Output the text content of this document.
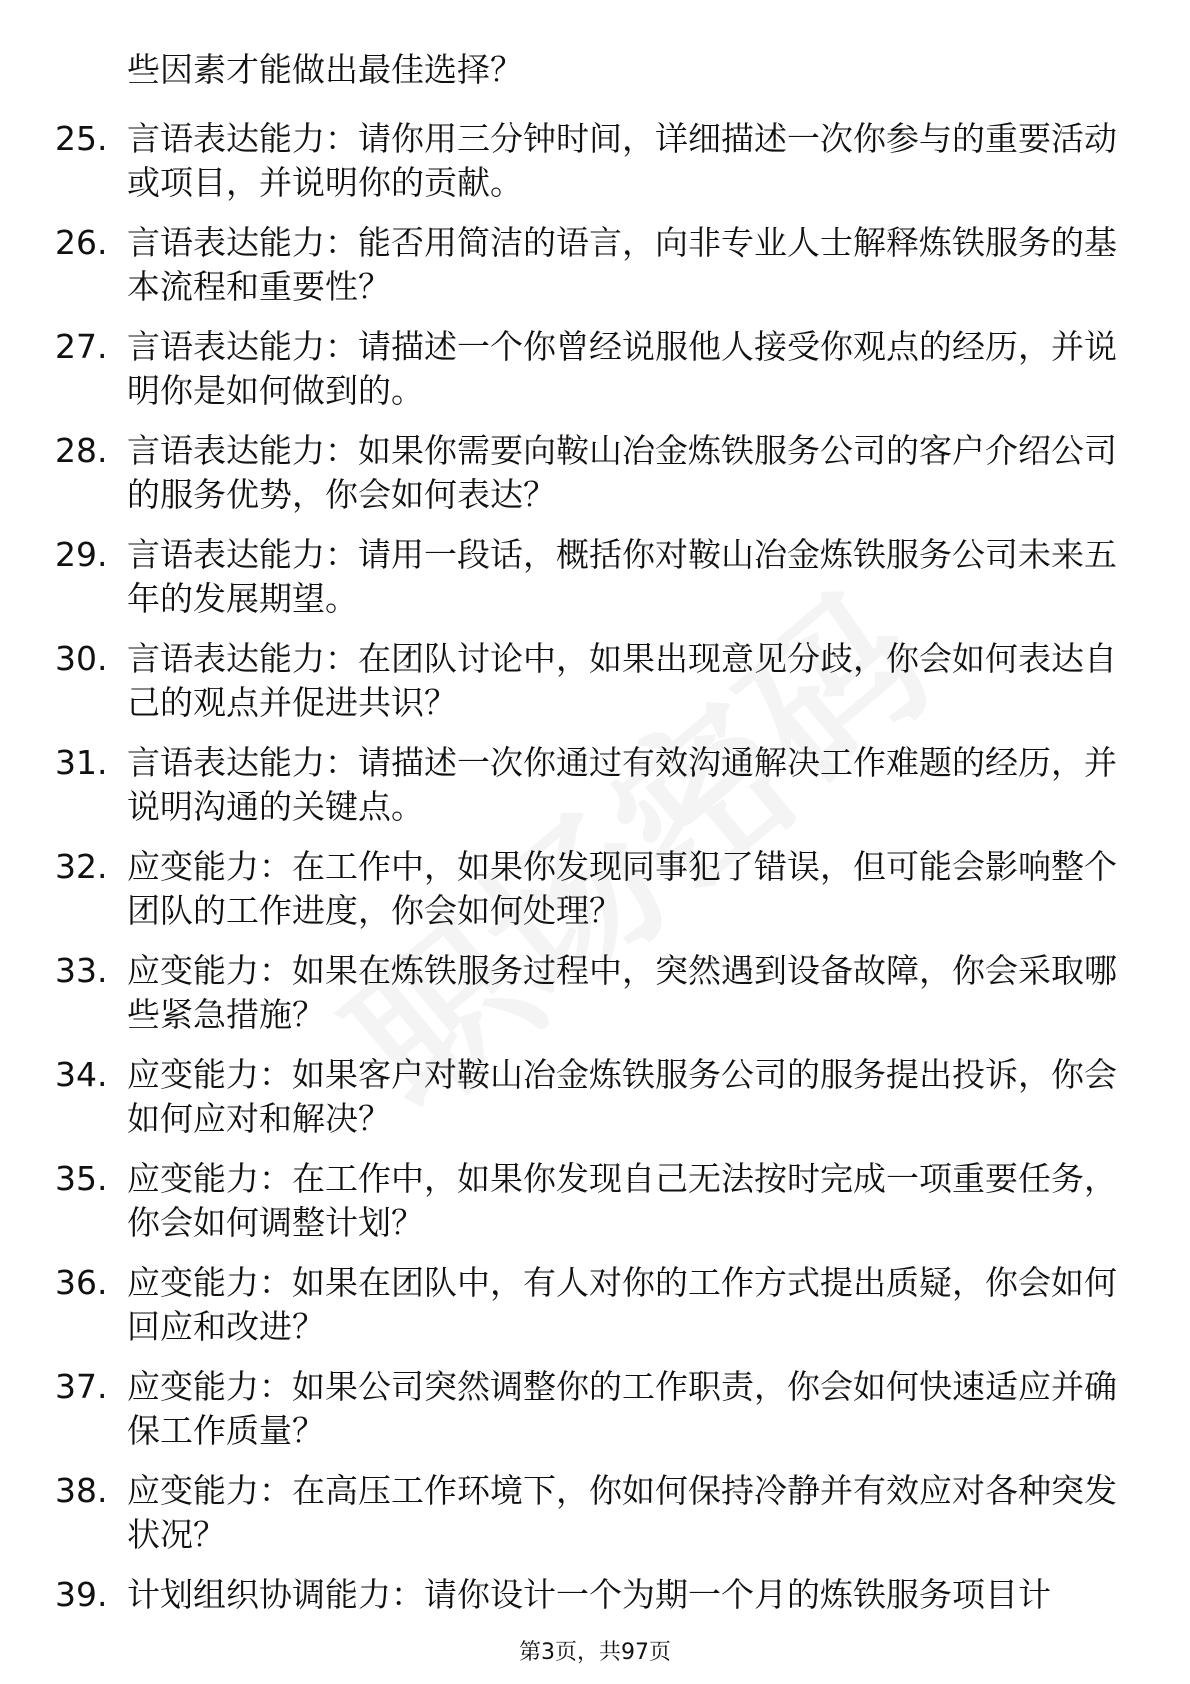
些因素才能做出最佳选择？
25. 言语表达能力：请你用三分钟时间，详细描述一次你参与的重要活动或项目，并说明你的贡献。
26. 言语表达能力：能否用简洁的语言，向非专业人士解释炼铁服务的基本流程和重要性？
27. 言语表达能力：请描述一个你曾经说服他人接受你观点的经历，并说明你是如何做到的。
28. 言语表达能力：如果你需要向鞍山冶金炼铁服务公司的客户介绍公司的服务优势，你会如何表达？
29. 言语表达能力：请用一段话，概括你对鞍山冶金炼铁服务公司未来五年的发展期望。
30. 言语表达能力：在团队讨论中，如果出现意见分歧，你会如何表达自己的观点并促进共识？
31. 言语表达能力：请描述一次你通过有效沟通解决工作难题的经历，并说明沟通的关键点。
32. 应变能力：在工作中，如果你发现同事犯了错误，但可能会影响整个团队的工作进度，你会如何处理？
33. 应变能力：如果在炼铁服务过程中，突然遇到设备故障，你会采取哪些紧急措施？
34. 应变能力：如果客户对鞍山冶金炼铁服务公司的服务提出投诉，你会如何应对和解决？
35. 应变能力：在工作中，如果你发现自己无法按时完成一项重要任务，你会如何调整计划？
36. 应变能力：如果在团队中，有人对你的工作方式提出质疑，你会如何回应和改进？
37. 应变能力：如果公司突然调整你的工作职责，你会如何快速适应并确保工作质量？
38. 应变能力：在高压工作环境下，你如何保持冷静并有效应对各种突发状况？
39. 计划组织协调能力：请你设计一个为期一个月的炼铁服务项目计
第3页，共97页
